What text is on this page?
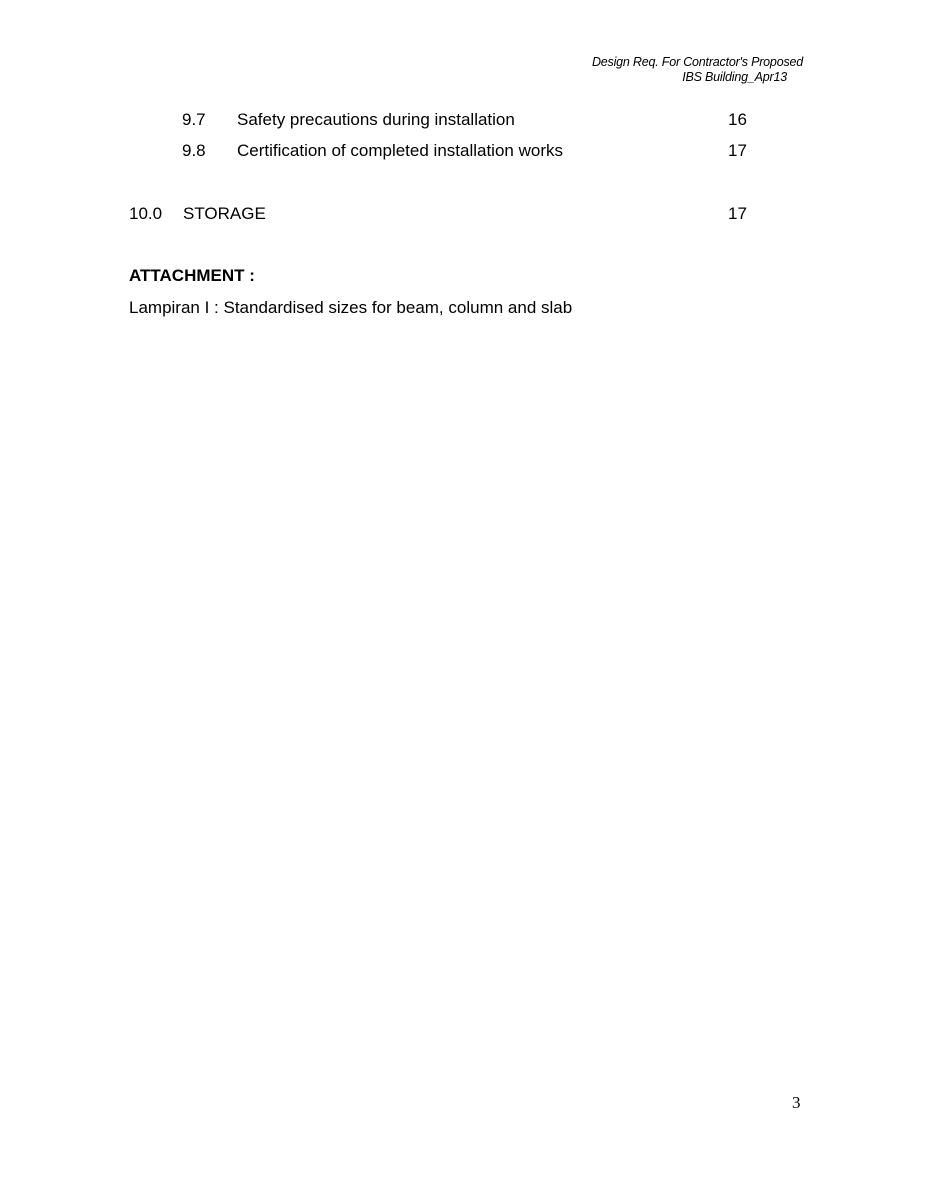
Design Req. For Contractor's Proposed
IBS Building_Apr13
9.7 Safety precautions during installation	16
9.8 Certification of completed installation works	17
10.0 STORAGE	17
ATTACHMENT :
Lampiran I : Standardised sizes for beam, column and slab
3
